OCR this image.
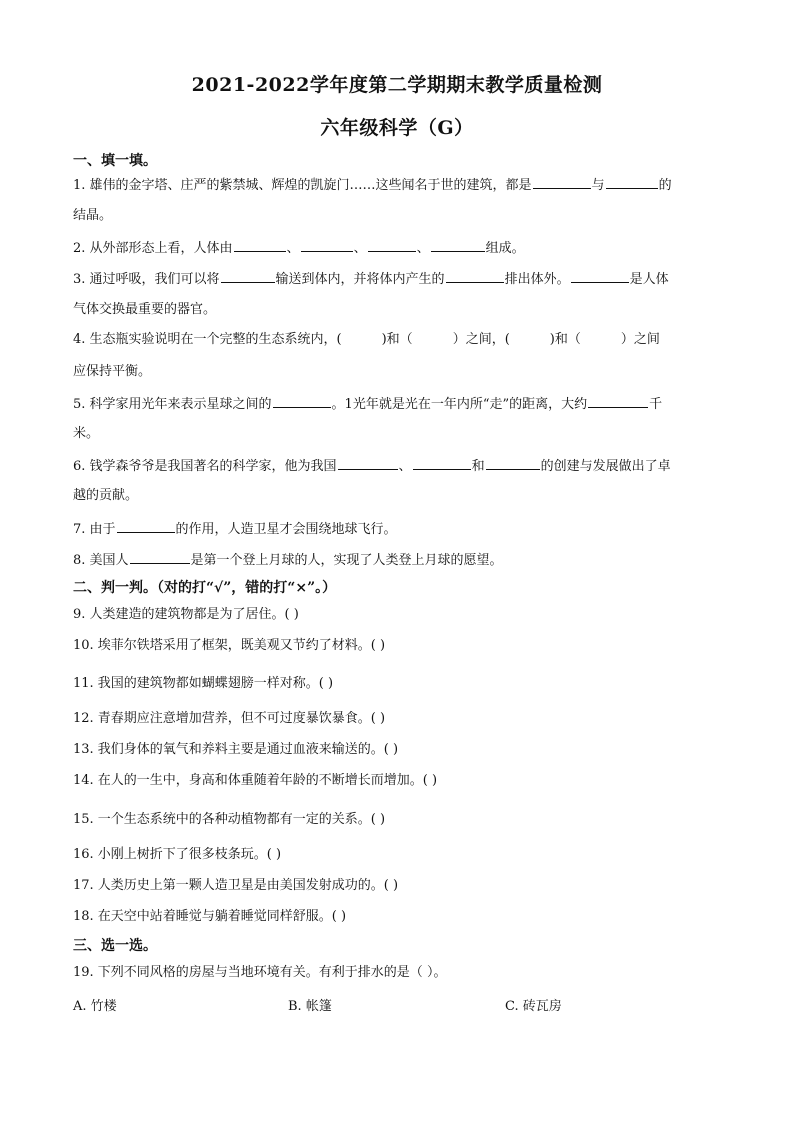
2021-2022学年度第二学期期末教学质量检测
六年级科学（G）
一、填一填。
1. 雄伟的金字塔、庄严的紫禁城、辉煌的凯旋门……这些闻名于世的建筑，都是	与	的
结晶。
2. 从外部形态上看，人体由	、	、	、	组成。
3. 通过呼吸，我们可以将	输送到体内，并将体内产生的	排出体外。	是人体
气体交换最重要的器官。
4. 生态瓶实验说明在一个完整的生态系统内，(	)和（	）之间，(	)和（	）之间
应保持平衡。
5. 科学家用光年来表示星球之间的	。1光年就是光在一年内所“走”的距离，大约	千
米。
6. 钱学森爷爷是我国著名的科学家，他为我国	、	和	的创建与发展做出了卓
越的贡献。
7. 由于	的作用，人造卫星才会围绕地球飞行。
8. 美国人	是第一个登上月球的人，实现了人类登上月球的愿望。
二、判一判。（对的打“√”，错的打“×”。）
9. 人类建造的建筑物都是为了居住。( )
10. 埃菲尔铁塔采用了框架，既美观又节约了材料。( )
11. 我国的建筑物都如蝴蝶翅膀一样对称。( )
12. 青春期应注意增加营养，但不可过度暴饮暴食。( )
13. 我们身体的氧气和养料主要是通过血液来输送的。( )
14. 在人的一生中，身高和体重随着年龄的不断增长而增加。( )
15. 一个生态系统中的各种动植物都有一定的关系。( )
16. 小刚上树折下了很多枝条玩。( )
17. 人类历史上第一颗人造卫星是由美国发射成功的。( )
18. 在天空中站着睡觉与躺着睡觉同样舒服。( )
三、选一选。
19. 下列不同风格的房屋与当地环境有关。有利于排水的是（ ）。
A. 竹楼	B. 帐篷	C. 砖瓦房
